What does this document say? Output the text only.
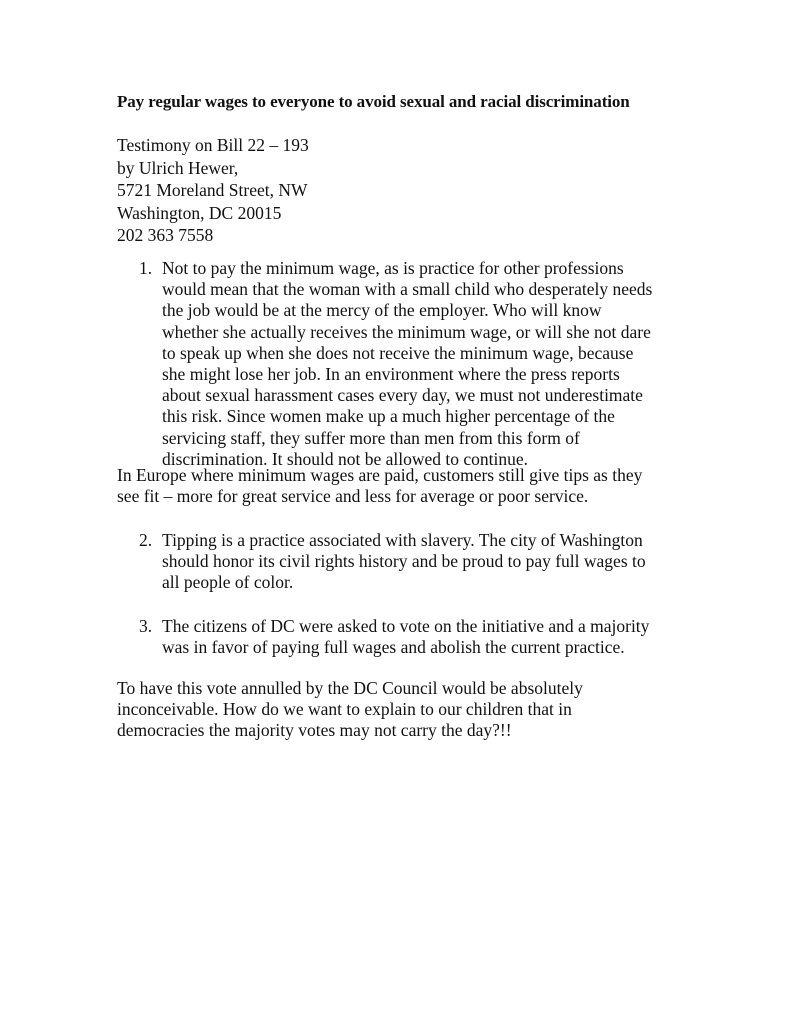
Pay regular wages to everyone to avoid sexual and racial discrimination
Testimony on Bill 22 – 193
by Ulrich Hewer,
5721 Moreland Street, NW
Washington, DC 20015
202 363 7558
1. Not to pay the minimum wage, as is practice for other professions
would mean that the woman with a small child who desperately needs
the job would be at the mercy of the employer. Who will know
whether she actually receives the minimum wage, or will she not dare
to speak up when she does not receive the minimum wage, because
she might lose her job. In an environment where the press reports
about sexual harassment cases every day, we must not underestimate
this risk. Since women make up a much higher percentage of the
servicing staff, they suffer more than men from this form of
discrimination. It should not be allowed to continue.
In Europe where minimum wages are paid, customers still give tips as they
see fit – more for great service and less for average or poor service.
2. Tipping is a practice associated with slavery. The city of Washington
should honor its civil rights history and be proud to pay full wages to
all people of color.
3. The citizens of DC were asked to vote on the initiative and a majority
was in favor of paying full wages and abolish the current practice.
To have this vote annulled by the DC Council would be absolutely
inconceivable. How do we want to explain to our children that in
democracies the majority votes may not carry the day?!!
